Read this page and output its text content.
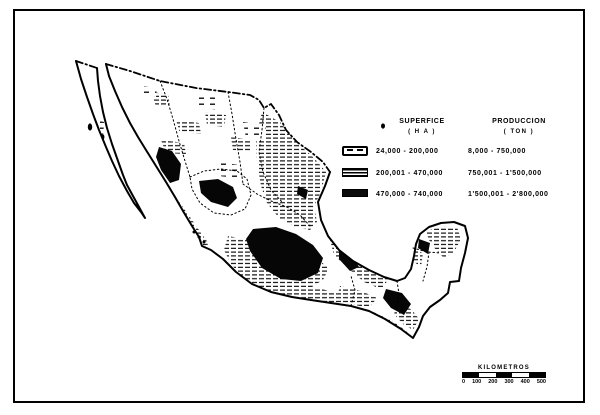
SUPERFICE
( H A )
PRODUCCION
( TON )
24,000 - 200,000	8,000 - 750,000
200,001 - 470,000	750,001 - 1'500,000
470,000 - 740,000	1'500,001 - 2'800,000
KILOMETROS
0 100 200 300 400 500
